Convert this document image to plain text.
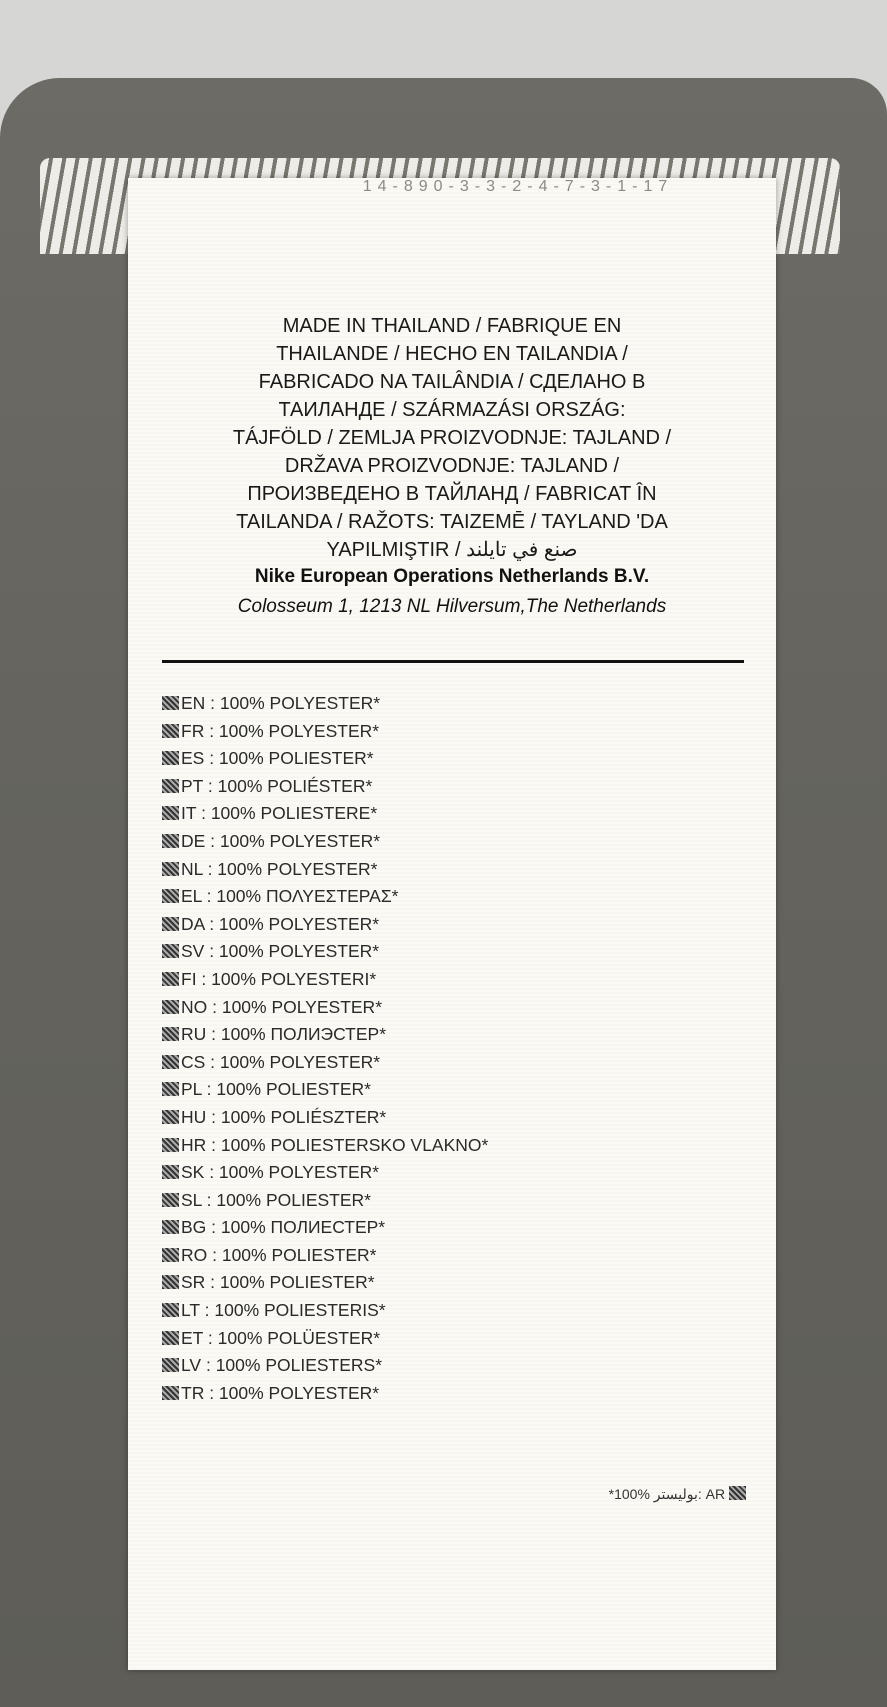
14-890-3-3-2-4-7-3-1-17

MADE IN THAILAND / FABRIQUE EN

THAILANDE / HECHO EN TAILANDIA /

FABRICADO NA TAILÂNDIA / СДЕЛАНО В

ТАИЛАНДЕ / SZÁRMAZÁSI ORSZÁG:

TÁJFÖLD / ZEMLJA PROIZVODNJE: TAJLAND /

DRŽAVA PROIZVODNJE: TAJLAND /

ПРОИЗВЕДЕНО В ТАЙЛАНД / FABRICAT ÎN

TAILANDA / RAŽOTS: TAIZEMĒ / TAYLAND 'DA

YAPILMIŞTIR / صنع في تايلند

Nike European Operations Netherlands B.V.

Colosseum 1, 1213 NL Hilversum,The Netherlands

EN : 100% POLYESTER*
FR : 100% POLYESTER*
ES : 100% POLIESTER*
PT : 100% POLIÉSTER*
IT : 100% POLIESTERE*
DE : 100% POLYESTER*
NL : 100% POLYESTER*
EL : 100% ΠΟΛΥΕΣΤΕΡΑΣ*
DA : 100% POLYESTER*
SV : 100% POLYESTER*
FI : 100% POLYESTERI*
NO : 100% POLYESTER*
RU : 100% ПОЛИЭСТЕР*
CS : 100% POLYESTER*
PL : 100% POLIESTER*
HU : 100% POLIÉSZTER*
HR : 100% POLIESTERSKO VLAKNO*
SK : 100% POLYESTER*
SL : 100% POLIESTER*
BG : 100% ПОЛИЕСТЕР*
RO : 100% POLIESTER*
SR : 100% POLIESTER*
LT : 100% POLIESTERIS*
ET : 100% POLÜESTER*
LV : 100% POLIESTERS*
TR : 100% POLYESTER*

*بوليستر %100: AR
